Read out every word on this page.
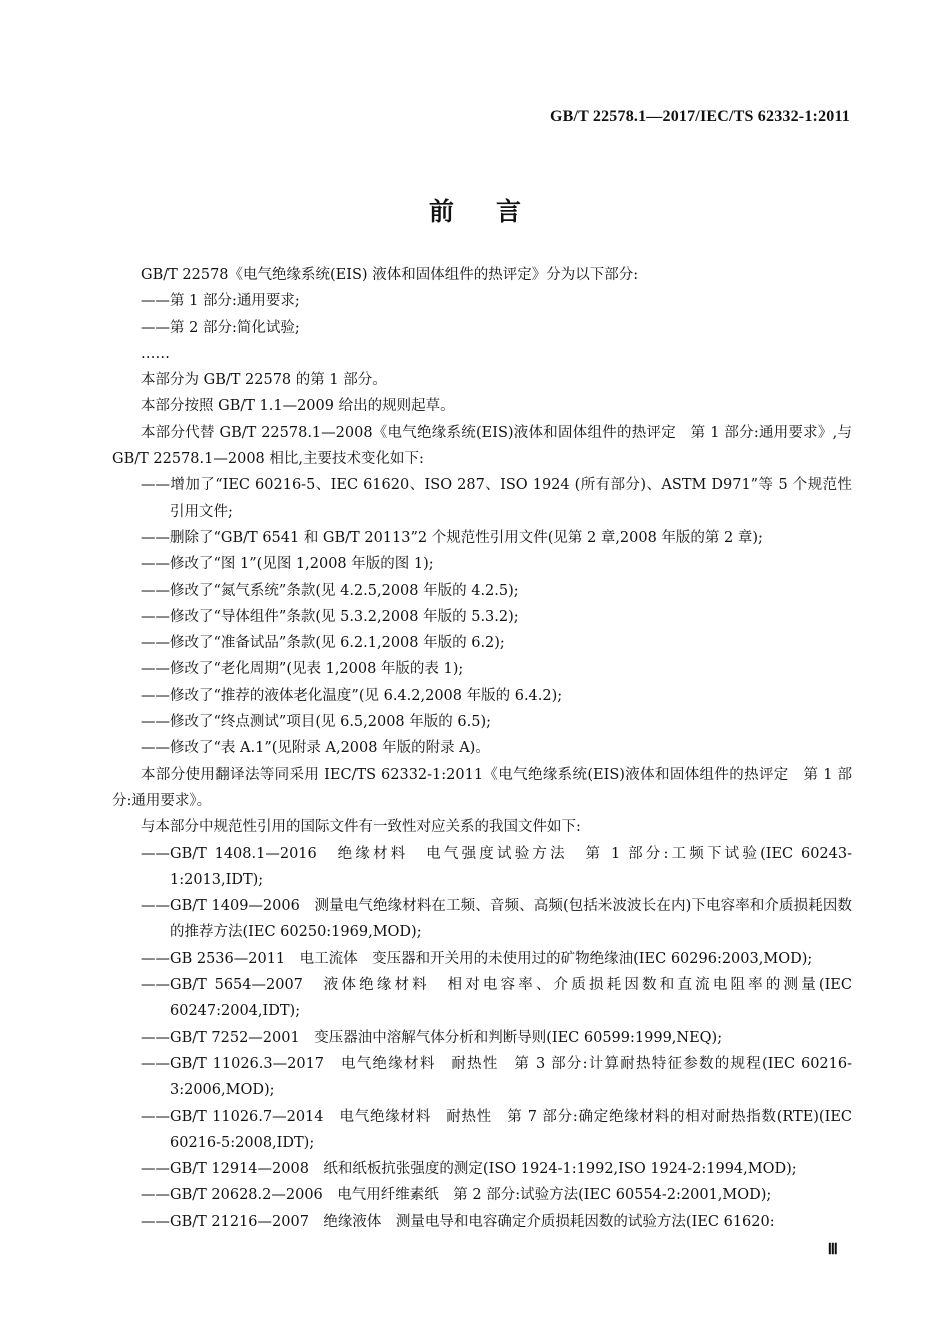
GB/T 22578.1—2017/IEC/TS 62332-1:2011
前言

GB/T 22578《电气绝缘系统(EIS) 液体和固体组件的热评定》分为以下部分:

——第 1 部分:通用要求;

——第 2 部分:简化试验;

……

本部分为 GB/T 22578 的第 1 部分。

本部分按照 GB/T 1.1—2009 给出的规则起草。

本部分代替 GB/T 22578.1—2008《电气绝缘系统(EIS)液体和固体组件的热评定　第 1 部分:通用要求》,与 GB/T 22578.1—2008 相比,主要技术变化如下:

——增加了“IEC 60216-5、IEC 61620、ISO 287、ISO 1924 (所有部分)、ASTM D971”等 5 个规范性引用文件;

——删除了“GB/T 6541 和 GB/T 20113”2 个规范性引用文件(见第 2 章,2008 年版的第 2 章);

——修改了“图 1”(见图 1,2008 年版的图 1);

——修改了“氮气系统”条款(见 4.2.5,2008 年版的 4.2.5);

——修改了“导体组件”条款(见 5.3.2,2008 年版的 5.3.2);

——修改了“准备试品”条款(见 6.2.1,2008 年版的 6.2);

——修改了“老化周期”(见表 1,2008 年版的表 1);

——修改了“推荐的液体老化温度”(见 6.4.2,2008 年版的 6.4.2);

——修改了“终点测试”项目(见 6.5,2008 年版的 6.5);

——修改了“表 A.1”(见附录 A,2008 年版的附录 A)。

本部分使用翻译法等同采用 IEC/TS 62332-1:2011《电气绝缘系统(EIS)液体和固体组件的热评定　第 1 部分:通用要求》。

与本部分中规范性引用的国际文件有一致性对应关系的我国文件如下:

——GB/T 1408.1—2016　绝缘材料　电气强度试验方法　第 1 部分:工频下试验(IEC 60243-1:2013,IDT);

——GB/T 1409—2006　测量电气绝缘材料在工频、音频、高频(包括米波波长在内)下电容率和介质损耗因数的推荐方法(IEC 60250:1969,MOD);

——GB 2536—2011　电工流体　变压器和开关用的未使用过的矿物绝缘油(IEC 60296:2003,MOD);

——GB/T 5654—2007　液体绝缘材料　相对电容率、介质损耗因数和直流电阻率的测量(IEC 60247:2004,IDT);

——GB/T 7252—2001　变压器油中溶解气体分析和判断导则(IEC 60599:1999,NEQ);

——GB/T 11026.3—2017　电气绝缘材料　耐热性　第 3 部分:计算耐热特征参数的规程(IEC 60216-3:2006,MOD);

——GB/T 11026.7—2014　电气绝缘材料　耐热性　第 7 部分:确定绝缘材料的相对耐热指数(RTE)(IEC 60216-5:2008,IDT);

——GB/T 12914—2008　纸和纸板抗张强度的测定(ISO 1924-1:1992,ISO 1924-2:1994,MOD);

——GB/T 20628.2—2006　电气用纤维素纸　第 2 部分:试验方法(IEC 60554-2:2001,MOD);

——GB/T 21216—2007　绝缘液体　测量电导和电容确定介质损耗因数的试验方法(IEC 61620:

Ⅲ
